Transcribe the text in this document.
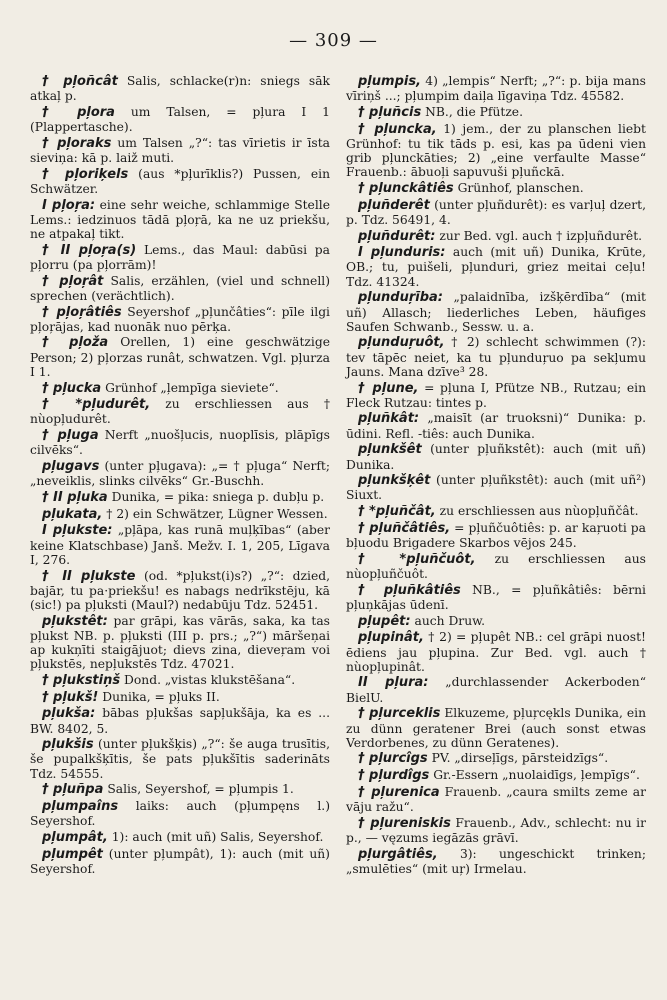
— 309 —

† pļoñcât Salis, schlacke(r)n: sniegs sāk atkaļ p.

† pļora um Talsen, = pļura I 1 (Plappertasche).

† pļoraks um Talsen „?“: tas vīrietis ir īsta sieviņa: kā p. laiž muti.

† pļoriķels (aus *pļurīklis?) Pussen, ein Schwätzer.

I pļoŗa: eine sehr weiche, schlammige Stelle Lems.: iedzinuos tādā pļoŗā, ka ne uz priekšu, ne atpakaļ tikt.

† II pļoŗa(s) Lems., das Maul: dabūsi pa pļorru (pa pļorrām)!

† pļoŗât Salis, erzählen, (viel und schnell) sprechen (verächtlich).

† pļoŗâtiês Seyershof „pļunčâties“: pīle ilgi pļoŗājas, kad nuonāk nuo pērķa.

† pļoža Orellen, 1) eine geschwätzige Person; 2) pļorzas runât, schwatzen. Vgl. pļurza I 1.

† pļucka Grünhof „ļempīga sieviete“.

† *pļudurêt, zu erschliessen aus † nùopļudurêt.

† pļuga Nerft „nuošļucis, nuoplīsis, plāpīgs cilvēks“.

pļugavs (unter pļugava): „= † pļuga“ Nerft; „neveiklis, slinks cilvēks“ Gr.-Buschh.

† II pļuka Dunika, = pika: sniega p. dubļu p.

pļukata, † 2) ein Schwätzer, Lügner Wessen.

I pļukste: „pļāpa, kas runā muļķības“ (aber keine Klatschbase) Janš. Mežv. I. 1, 205, Līgava I, 276.

† II pļukste (od. *pļukst(i)s?) „?“: dzied, bajār, tu pa·priekšu! es nabags nedrīkstēju, kā (sic!) pa pļuksti (Maul?) nedabūju Tdz. 52451.

pļukstêt: par grāpi, kas vārās, saka, ka tas pļukst NB. p. pļuksti (III p. prs.; „?“) māršeņai ap kukņīti staigājuot; dievs zina, dieveŗam voi pļukstēs, nepļukstēs Tdz. 47021.

† pļukstiņš Dond. „vistas klukstēšana“.

† pļukš! Dunika, = pļuks II.

pļukša: bābas pļukšas sapļukšāja, ka es ... BW. 8402, 5.

pļukšis (unter pļukšķis) „?“: še auga trusītis, še pupalkšķītis, še pats pļukšītis saderināts Tdz. 54555.

† pļuñpa Salis, Seyershof, = pļumpis 1.

pļumpaîns laiks: auch (pļumpęns l.) Seyershof.

pļumpât, 1): auch (mit uñ) Salis, Seyershof.

pļumpêt (unter pļumpât), 1): auch (mit uñ) Seyershof.

pļumpis, 4) „lempis“ Nerft; „?“: p. bija mans vīriņš ...; pļumpim daiļa līgaviņa Tdz. 45582.

† pļuñcis NB., die Pfütze.

† pļuncka, 1) jem., der zu planschen liebt Grünhof: tu tik tāds p. esi, kas pa ūdeni vien grib pļunckāties; 2) „eine verfaulte Masse“ Frauenb.: ābuoļi sapuvuši pļuñckā.

† pļunckâtiês Grünhof, planschen.

pļuñderêt (unter pļuñdurêt): es varļuļ dzert, p. Tdz. 56491, 4.

pļuñdurêt: zur Bed. vgl. auch † izpļuñdurêt.

I pļunduris: auch (mit uñ) Dunika, Krūte, OB.; tu, puišeli, pļunduri, griez meitai ceļu! Tdz. 41324.

pļunduŗība: „palaidnība, izšķērdība“ (mit uñ) Allasch; liederliches Leben, häufiges Saufen Schwanb., Sessw. u. a.

pļunduŗuôt, † 2) schlecht schwimmen (?): tev tāpēc neiet, ka tu pļunduŗuo pa sekļumu Jauns. Mana dzīve³ 28.

† pļune, = pļuna I, Pfütze NB., Rutzau; ein Fleck Rutzau: tintes p.

pļuñkât: „maisīt (ar truoksni)“ Dunika: p. ūdini. Refl. -tiês: auch Dunika.

pļunkšêt (unter pļuñkstêt): auch (mit uñ) Dunika.

pļunkšķêt (unter pļuñkstêt): auch (mit uñ²) Siuxt.

† *pļuñčât, zu erschliessen aus nùopļuñčât.

† pļuñčâtiês, = pļuñčuôtiês: p. ar kaŗuoti pa bļuodu Brigadere Skarbos vējos 245.

† *pļuñčuôt, zu erschliessen aus nùopļuñčuôt.

† pļuñkâtiês NB., = pļuñkâtiês: bērni pļuņkājas ūdenī.

pļupêt: auch Druw.

pļupinât, † 2) = pļupêt NB.: cel grāpi nuost! ēdiens jau pļupina. Zur Bed. vgl. auch † nùopļupinât.

II pļura: „durchlassender Ackerboden“ BielU.

† pļurceklis Elkuzeme, pļuŗcękls Dunika, ein zu dünn geratener Brei (auch sonst etwas Verdorbenes, zu dünn Geratenes).

† pļurcîgs PV. „dirseļīgs, pārsteidzīgs“.

† pļurdîgs Gr.-Essern „nuolaidīgs, ļempīgs“.

† pļurenica Frauenb. „caura smilts zeme ar vāju ražu“.

† pļureniskis Frauenb., Adv., schlecht: nu ir p., — vęzums iegāzās grāvī.

pļurgâtiês, 3): ungeschickt trinken; „smulēties“ (mit uŗ) Irmelau.
